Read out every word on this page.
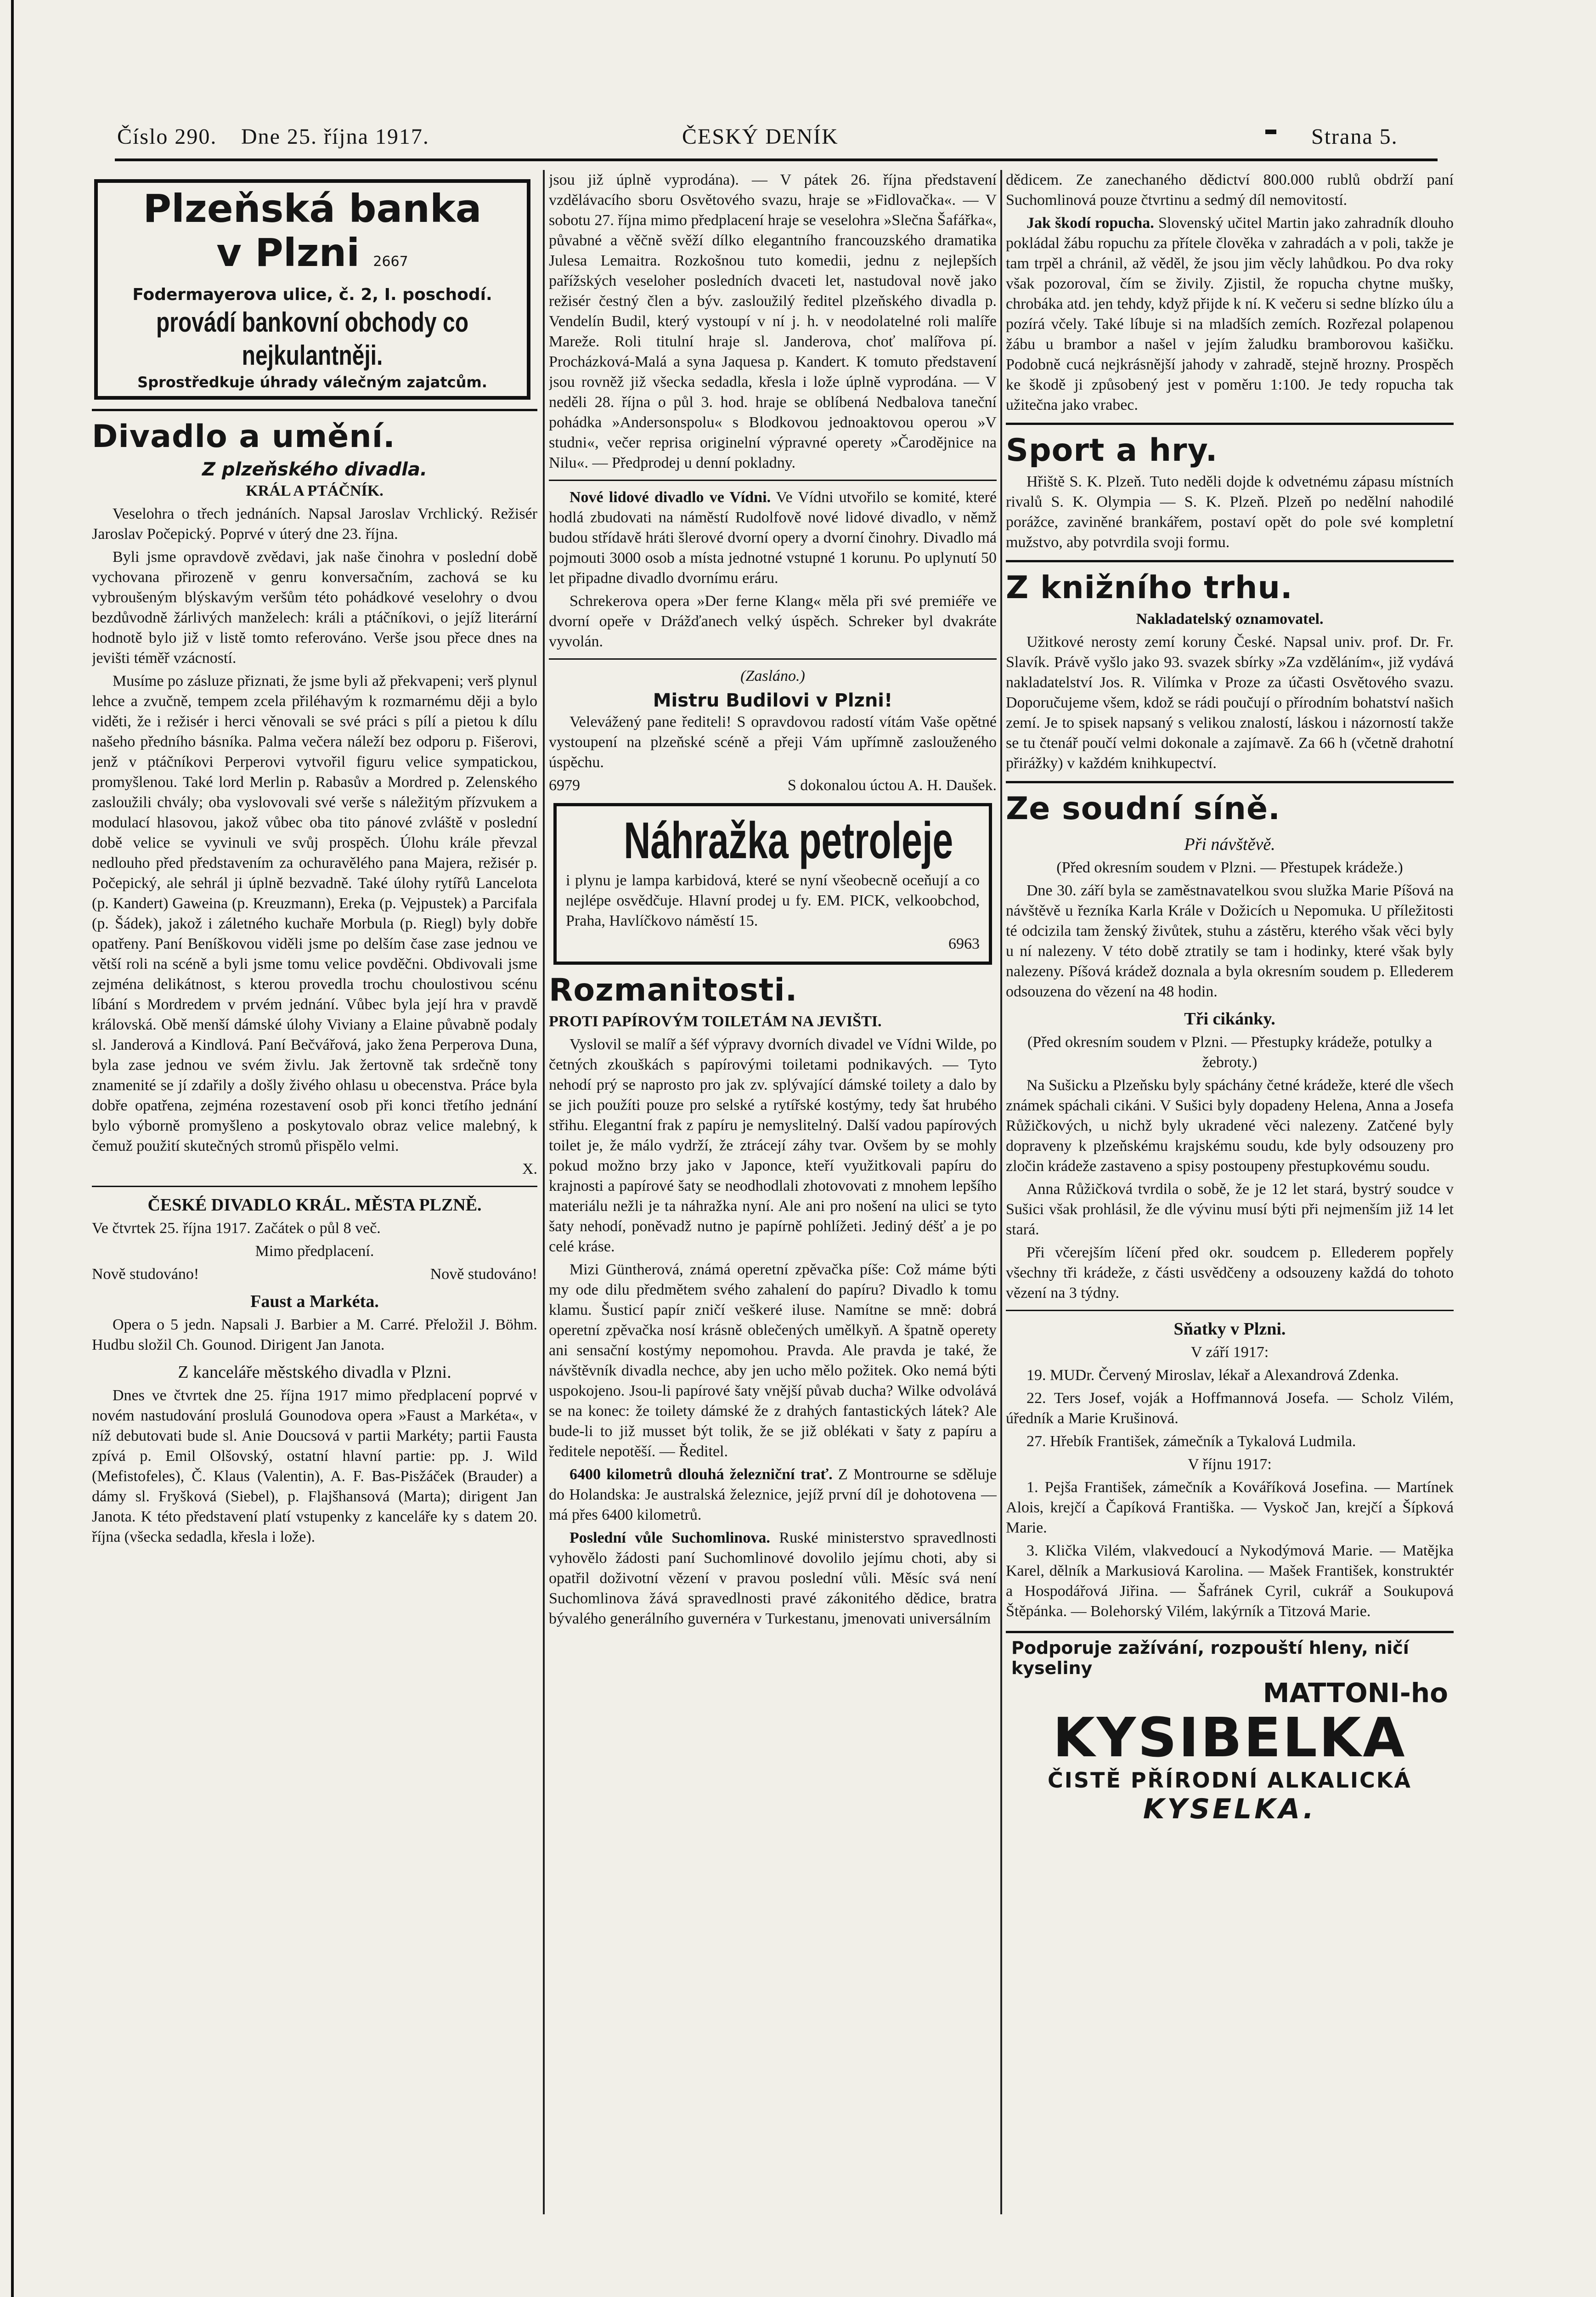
Číslo 290. Dne 25. října 1917.	ČESKÝ DENÍK	Strana 5.
Plzeňská banka
v Plzni 2667
Fodermayerova ulice, č. 2, I. poschodí.
provádí bankovní obchody co nejkulantněji.
Sprostředkuje úhrady válečným zajatcům.
Divadlo a umění.
Z plzeňského divadla.

KRÁL A PTÁČNÍK.

Veselohra o třech jednáních. Napsal Jaroslav Vrchlický. Režisér Jaroslav Počepický. Poprvé v úterý dne 23. října.

Byli jsme opravdově zvědavi, jak naše činohra v poslední době vychovana přirozeně v genru konversačním, zachová se ku vybroušeným blýskavým veršům této pohádkové veselohry o dvou bezdůvodně žárlivých manželech: králi a ptáčníkovi, o jejíž literární hodnotě bylo již v listě tomto referováno. Verše jsou přece dnes na jevišti téměř vzácností.

Musíme po zásluze přiznati, že jsme byli až překvapeni; verš plynul lehce a zvučně, tempem zcela přiléhavým k rozmarnému ději a bylo viděti, že i režisér i herci věnovali se své práci s pílí a pietou k dílu našeho předního básníka. Palma večera náleží bez odporu p. Fišerovi, jenž v ptáčníkovi Perperovi vytvořil figuru velice sympatickou, promyšlenou. Také lord Merlin p. Rabasův a Mordred p. Zelenského zasloužili chvály; oba vyslovovali své verše s náležitým přízvukem a modulací hlasovou, jakož vůbec oba tito pánové zvláště v poslední době velice se vyvinuli ve svůj prospěch. Úlohu krále převzal nedlouho před představením za ochuravělého pana Majera, režisér p. Počepický, ale sehrál ji úplně bezvadně. Také úlohy rytířů Lancelota (p. Kandert) Gaweina (p. Kreuzmann), Ereka (p. Vejpustek) a Parcifala (p. Šádek), jakož i záletného kuchaře Morbula (p. Riegl) byly dobře opatřeny. Paní Beníškovou viděli jsme po delším čase zase jednou ve větší roli na scéně a byli jsme tomu velice povděčni. Obdivovali jsme zejména delikátnost, s kterou provedla trochu choulostivou scénu líbání s Mordredem v prvém jednání. Vůbec byla její hra v pravdě královská. Obě menší dámské úlohy Viviany a Elaine půvabně podaly sl. Janderová a Kindlová. Paní Bečvářová, jako žena Perperova Duna, byla zase jednou ve svém živlu. Jak žertovně tak srdečně tony znamenité se jí zdařily a došly živého ohlasu u obecenstva. Práce byla dobře opatřena, zejména rozestavení osob při konci třetího jednání bylo výborně promyšleno a poskytovalo obraz velice malebný, k čemuž použití skutečných stromů přispělo velmi.

X.

ČESKÉ DIVADLO KRÁL. MĚSTA PLZNĚ.

Ve čtvrtek 25. října 1917. Začátek o půl 8 več.

Mimo předplacení.

Nově studováno!	Nově studováno!

Faust a Markéta.

Opera o 5 jedn. Napsali J. Barbier a M. Carré. Přeložil J. Böhm. Hudbu složil Ch. Gounod. Dirigent Jan Janota.

Z kanceláře městského divadla v Plzni.

Dnes ve čtvrtek dne 25. října 1917 mimo předplacení poprvé v novém nastudování proslulá Gounodova opera »Faust a Markéta«, v níž debutovati bude sl. Anie Doucsová v partii Markéty; partii Fausta zpívá p. Emil Olšovský, ostatní hlavní partie: pp. J. Wild (Mefistofeles), Č. Klaus (Valentin), A. F. Bas-Pisžáček (Brauder) a dámy sl. Fryšková (Siebel), p. Flajšhansová (Marta); dirigent Jan Janota. K této představení platí vstupenky z kanceláře ky s datem 20. října (všecka sedadla, křesla i lože).

jsou již úplně vyprodána). — V pátek 26. října představení vzdělávacího sboru Osvětového svazu, hraje se »Fidlovačka«. — V sobotu 27. října mimo předplacení hraje se veselohra »Slečna Šafářka«, půvabné a věčně svěží dílko elegantního francouzského dramatika Julesa Lemaitra. Rozkošnou tuto komedii, jednu z nejlepších pařížských veseloher posledních dvaceti let, nastudoval nově jako režisér čestný člen a býv. zasloužilý ředitel plzeňského divadla p. Vendelín Budil, který vystoupí v ní j. h. v neodolatelné roli malíře Mareže. Roli titulní hraje sl. Janderova, choť malířova pí. Procházková-Malá a syna Jaquesa p. Kandert. K tomuto představení jsou rovněž již všecka sedadla, křesla i lože úplně vyprodána. — V neděli 28. října o půl 3. hod. hraje se oblíbená Nedbalova taneční pohádka »Andersonspolu« s Blodkovou jednoaktovou operou »V studni«, večer reprisa originelní výpravné operety »Čarodějnice na Nilu«. — Předprodej u denní pokladny.

Nové lidové divadlo ve Vídni. Ve Vídni utvořilo se komité, které hodlá zbudovati na náměstí Rudolfově nové lidové divadlo, v němž budou střídavě hráti šlerové dvorní opery a dvorní činohry. Divadlo má pojmouti 3000 osob a místa jednotné vstupné 1 korunu. Po uplynutí 50 let připadne divadlo dvornímu eráru.

Schrekerova opera »Der ferne Klang« měla při své premiéře ve dvorní opeře v Drážďanech velký úspěch. Schreker byl dvakráte vyvolán.

(Zasláno.)

Mistru Budilovi v Plzni!

Velevážený pane řediteli! S opravdovou radostí vítám Vaše opětné vystoupení na plzeňské scéně a přeji Vám upřímně zaslouženého úspěchu.

6979	S dokonalou úctou A. H. Daušek.

Náhražka petroleje

i plynu je lampa karbidová, které se nyní všeobecně oceňují a co nejlépe osvědčuje. Hlavní prodej u fy. EM. PICK, velkoobchod, Praha, Havlíčkovo náměstí 15.

6963

Rozmanitosti.

PROTI PAPÍROVÝM TOILETÁM NA JEVIŠTI.

Vyslovil se malíř a šéf výpravy dvorních divadel ve Vídni Wilde, po četných zkouškách s papírovými toiletami podnikavých. — Tyto nehodí prý se naprosto pro jak zv. splývající dámské toilety a dalo by se jich použíti pouze pro selské a rytířské kostýmy, tedy šat hrubého střihu. Elegantní frak z papíru je nemyslitelný. Další vadou papírových toilet je, že málo vydrží, že ztrácejí záhy tvar. Ovšem by se mohly pokud možno brzy jako v Japonce, kteří využitkovali papíru do krajnosti a papírové šaty se neodhodlali zhotovovati z mnohem lepšího materiálu nežli je ta náhražka nyní. Ale ani pro nošení na ulici se tyto šaty nehodí, poněvadž nutno je papírně pohlížeti. Jediný déšť a je po celé kráse.

Mizi Güntherová, známá operetní zpěvačka píše: Což máme býti my ode dilu předmětem svého zahalení do papíru? Divadlo k tomu klamu. Šusticí papír zničí veškeré iluse. Namítne se mně: dobrá operetní zpěvačka nosí krásně oblečených umělkyň. A špatně operety ani sensační kostýmy nepomohou. Pravda. Ale pravda je také, že návštěvník divadla nechce, aby jen ucho mělo požitek. Oko nemá býti uspokojeno. Jsou-li papírové šaty vnější půvab ducha? Wilke odvolává se na konec: že toilety dámské že z drahých fantastických látek? Ale bude-li to již musset být tolik, že se již oblékati v šaty z papíru a ředitele nepotěší. — Ředitel.

6400 kilometrů dlouhá železniční trať. Z Montrourne se sděluje do Holandska: Je australská železnice, jejíž první díl je dohotovena — má přes 6400 kilometrů.

Poslední vůle Suchomlinova. Ruské ministerstvo spravedlnosti vyhovělo žádosti paní Suchomlinové dovolilo jejímu choti, aby si opatřil doživotní vězení v pravou poslední vůli. Měsíc svá není Suchomlinova žává spravedlnosti pravé zákonitého dědice, bratra bývalého generálního guvernéra v Turkestanu, jmenovati universálním

dědicem. Ze zanechaného dědictví 800.000 rublů obdrží paní Suchomlinová pouze čtvrtinu a sedmý díl nemovitostí.

Jak škodí ropucha. Slovenský učitel Martin jako zahradník dlouho pokládal žábu ropuchu za přítele člověka v zahradách a v poli, takže je tam trpěl a chránil, až věděl, že jsou jim věcly lahůdkou. Po dva roky však pozoroval, čím se živily. Zjistil, že ropucha chytne mušky, chrobáka atd. jen tehdy, když přijde k ní. K večeru si sedne blízko úlu a pozírá včely. Také líbuje si na mladších zemích. Rozřezal polapenou žábu u brambor a našel v jejím žaludku bramborovou kašičku. Podobně cucá nejkrásnější jahody v zahradě, stejně hrozny. Prospěch ke škodě ji způsobený jest v poměru 1:100. Je tedy ropucha tak užitečna jako vrabec.

Sport a hry.

Hřiště S. K. Plzeň. Tuto neděli dojde k odvetnému zápasu místních rivalů S. K. Olympia — S. K. Plzeň. Plzeň po nedělní nahodilé porážce, zaviněné brankářem, postaví opět do pole své kompletní mužstvo, aby potvrdila svoji formu.

Z knižního trhu.

Nakladatelský oznamovatel.

Užitkové nerosty zemí koruny České. Napsal univ. prof. Dr. Fr. Slavík. Právě vyšlo jako 93. svazek sbírky »Za vzděláním«, již vydává nakladatelství Jos. R. Vilímka v Proze za účasti Osvětového svazu. Doporučujeme všem, kdož se rádi poučují o přírodním bohatství našich zemí. Je to spisek napsaný s velikou znalostí, láskou i názorností takže se tu čtenář poučí velmi dokonale a zajímavě. Za 66 h (včetně drahotní přirážky) v každém knihkupectví.

Ze soudní síně.

Při návštěvě.

(Před okresním soudem v Plzni. — Přestupek krádeže.)

Dne 30. září byla se zaměstnavatelkou svou služka Marie Píšová na návštěvě u řezníka Karla Krále v Dožicích u Nepomuka. U příležitosti té odcizila tam ženský živůtek, stuhu a zástěru, kterého však věci byly u ní nalezeny. V této době ztratily se tam i hodinky, které však byly nalezeny. Píšová krádež doznala a byla okresním soudem p. Ellederem odsouzena do vězení na 48 hodin.

Tři cikánky.

(Před okresním soudem v Plzni. — Přestupky krádeže, potulky a žebroty.)

Na Sušicku a Plzeňsku byly spáchány četné krádeže, které dle všech známek spáchali cikáni. V Sušici byly dopadeny Helena, Anna a Josefa Růžičkových, u nichž byly ukradené věci nalezeny. Zatčené byly dopraveny k plzeňskému krajskému soudu, kde byly odsouzeny pro zločin krádeže zastaveno a spisy postoupeny přestupkovému soudu.

Anna Růžičková tvrdila o sobě, že je 12 let stará, bystrý soudce v Sušici však prohlásil, že dle vývinu musí býti při nejmenším již 14 let stará.

Při včerejším líčení před okr. soudcem p. Ellederem popřely všechny tři krádeže, z části usvědčeny a odsouzeny každá do tohoto vězení na 3 týdny.

Sňatky v Plzni.

V září 1917:

19. MUDr. Červený Miroslav, lékař a Alexandrová Zdenka.

22. Ters Josef, voják a Hoffmannová Josefa. — Scholz Vilém, úředník a Marie Krušinová.

27. Hřebík František, zámečník a Tykalová Ludmila.

V říjnu 1917:

1. Pejša František, zámečník a Kováříková Josefina. — Martínek Alois, krejčí a Čapíková Františka. — Vyskoč Jan, krejčí a Šípková Marie.

3. Klička Vilém, vlakvedoucí a Nykodýmová Marie. — Matějka Karel, dělník a Markusiová Karolina. — Mašek František, konstruktér a Hospodářová Jiřina. — Šafránek Cyril, cukrář a Soukupová Štěpánka. — Bolehorský Vilém, lakýrník a Titzová Marie.

Podporuje zažívání, rozpouští hleny, ničí kyseliny
MATTONI-ho
KYSIBELKA
ČISTĚ PŘÍRODNÍ ALKALICKÁ
KYSELKA.
